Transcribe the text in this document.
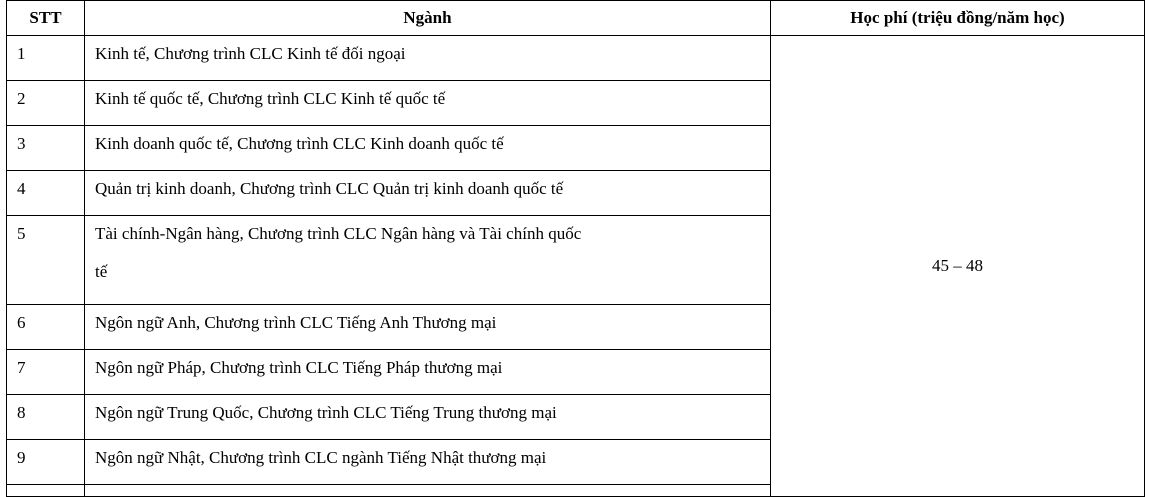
STT	Ngành	Học phí (triệu đồng/năm học)
1	Kinh tế, Chương trình CLC Kinh tế đối ngoại	45 – 48
2	Kinh tế quốc tế, Chương trình CLC Kinh tế quốc tế	

3	Kinh doanh quốc tế, Chương trình CLC Kinh doanh quốc tế	

4	Quản trị kinh doanh, Chương trình CLC Quản trị kinh doanh quốc tế	

5	Tài chính-Ngân hàng, Chương trình CLC Ngân hàng và Tài chính quốc
tế	

6	Ngôn ngữ Anh, Chương trình CLC Tiếng Anh Thương mại	

7	Ngôn ngữ Pháp, Chương trình CLC Tiếng Pháp thương mại	

8	Ngôn ngữ Trung Quốc, Chương trình CLC Tiếng Trung thương mại	

9	Ngôn ngữ Nhật, Chương trình CLC ngành Tiếng Nhật thương mại	
